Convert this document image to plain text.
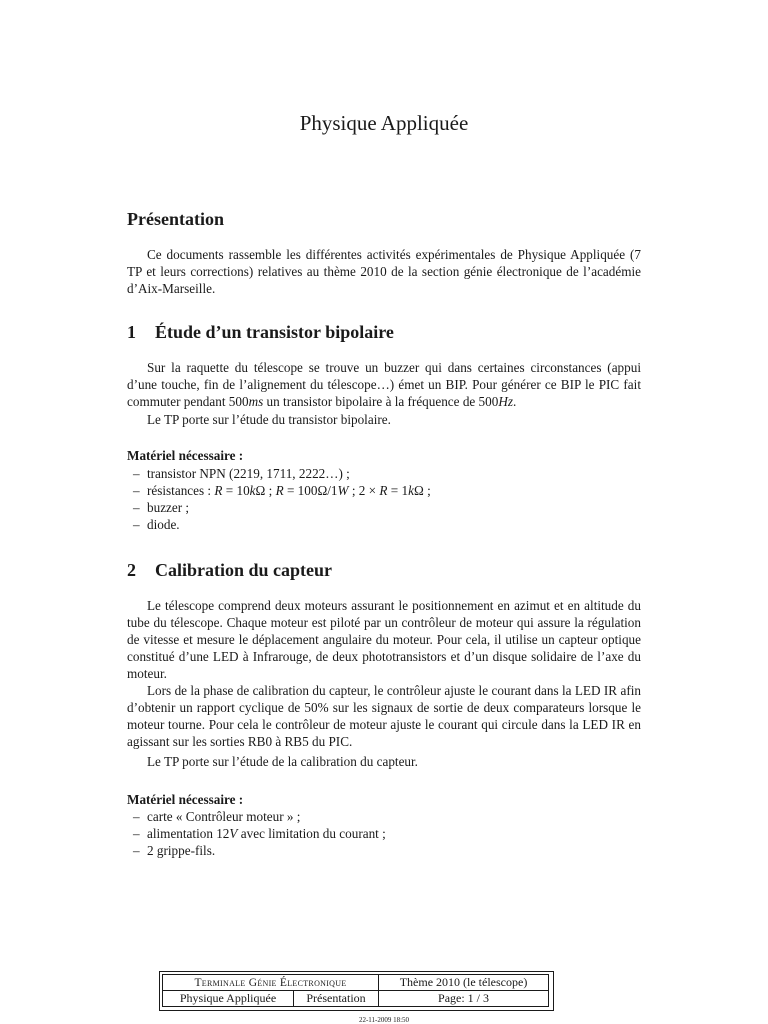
Physique Appliquée
Présentation

Ce documents rassemble les différentes activités expérimentales de Physique Appliquée (7 TP et leurs corrections) relatives au thème 2010 de la section génie électronique de l’académie d’Aix-Marseille.

1 Étude d’un transistor bipolaire

Sur la raquette du télescope se trouve un buzzer qui dans certaines circonstances (appui d’une touche, fin de l’alignement du télescope…) émet un BIP. Pour générer ce BIP le PIC fait commuter pendant 500ms un transistor bipolaire à la fréquence de 500Hz.

Le TP porte sur l’étude du transistor bipolaire.

Matériel nécessaire :

– transistor NPN (2219, 1711, 2222…) ;
– résistances : R = 10kΩ ; R = 100Ω/1W ; 2 × R = 1kΩ ;
– buzzer ;
– diode.
2 Calibration du capteur

Le télescope comprend deux moteurs assurant le positionnement en azimut et en altitude du tube du télescope. Chaque moteur est piloté par un contrôleur de moteur qui assure la régulation de vitesse et mesure le déplacement angulaire du moteur. Pour cela, il utilise un capteur optique constitué d’une LED à Infrarouge, de deux phototransistors et d’un disque solidaire de l’axe du moteur.

Lors de la phase de calibration du capteur, le contrôleur ajuste le courant dans la LED IR afin d’obtenir un rapport cyclique de 50% sur les signaux de sortie de deux comparateurs lorsque le moteur tourne. Pour cela le contrôleur de moteur ajuste le courant qui circule dans la LED IR en agissant sur les sorties RB0 à RB5 du PIC.

Le TP porte sur l’étude de la calibration du capteur.

Matériel nécessaire :

– carte « Contrôleur moteur » ;
– alimentation 12V avec limitation du courant ;
– 2 grippe-fils.
Terminale Génie Électronique		Thème 2010 (le télescope)
Physique Appliquée	Présentation	Page: 1 / 3
22-11-2009 18:50
